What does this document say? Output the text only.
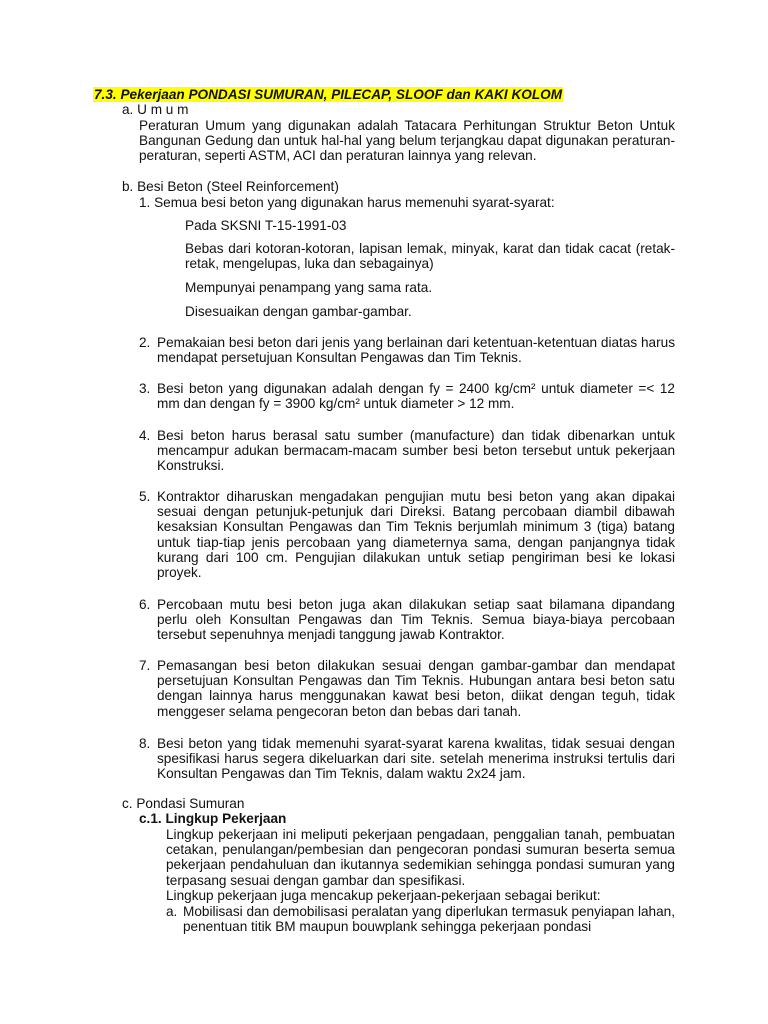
7.3. Pekerjaan PONDASI SUMURAN, PILECAP, SLOOF dan KAKI KOLOM
a. U m u m
Peraturan Umum yang digunakan adalah Tatacara Perhitungan Struktur Beton Untuk Bangunan Gedung dan untuk hal-hal yang belum terjangkau dapat digunakan peraturan-peraturan, seperti ASTM, ACI dan peraturan lainnya yang relevan.
b. Besi Beton (Steel Reinforcement)
1. Semua besi beton yang digunakan harus memenuhi syarat-syarat:
Pada SKSNI T-15-1991-03
Bebas dari kotoran-kotoran, lapisan lemak, minyak, karat dan tidak cacat (retak-retak, mengelupas, luka dan sebagainya)
Mempunyai penampang yang sama rata.
Disesuaikan dengan gambar-gambar.
2. Pemakaian besi beton dari jenis yang berlainan dari ketentuan-ketentuan diatas harus mendapat persetujuan Konsultan Pengawas dan Tim Teknis.
3. Besi beton yang digunakan adalah dengan fy = 2400 kg/cm² untuk diameter =< 12 mm dan dengan fy = 3900 kg/cm² untuk diameter > 12 mm.
4. Besi beton harus berasal satu sumber (manufacture) dan tidak dibenarkan untuk mencampur adukan bermacam-macam sumber besi beton tersebut untuk pekerjaan Konstruksi.
5. Kontraktor diharuskan mengadakan pengujian mutu besi beton yang akan dipakai sesuai dengan petunjuk-petunjuk dari Direksi. Batang percobaan diambil dibawah kesaksian Konsultan Pengawas dan Tim Teknis berjumlah minimum 3 (tiga) batang untuk tiap-tiap jenis percobaan yang diameternya sama, dengan panjangnya tidak kurang dari 100 cm. Pengujian dilakukan untuk setiap pengiriman besi ke lokasi proyek.
6. Percobaan mutu besi beton juga akan dilakukan setiap saat bilamana dipandang perlu oleh Konsultan Pengawas dan Tim Teknis. Semua biaya-biaya percobaan tersebut sepenuhnya menjadi tanggung jawab Kontraktor.
7. Pemasangan besi beton dilakukan sesuai dengan gambar-gambar dan mendapat persetujuan Konsultan Pengawas dan Tim Teknis. Hubungan antara besi beton satu dengan lainnya harus menggunakan kawat besi beton, diikat dengan teguh, tidak menggeser selama pengecoran beton dan bebas dari tanah.
8. Besi beton yang tidak memenuhi syarat-syarat karena kwalitas, tidak sesuai dengan spesifikasi harus segera dikeluarkan dari site. setelah menerima instruksi tertulis dari Konsultan Pengawas dan Tim Teknis, dalam waktu 2x24 jam.
c. Pondasi Sumuran
c.1. Lingkup Pekerjaan
Lingkup pekerjaan ini meliputi pekerjaan pengadaan, penggalian tanah, pembuatan cetakan, penulangan/pembesian dan pengecoran pondasi sumuran beserta semua pekerjaan pendahuluan dan ikutannya sedemikian sehingga pondasi sumuran yang terpasang sesuai dengan gambar dan spesifikasi.
Lingkup pekerjaan juga mencakup pekerjaan-pekerjaan sebagai berikut:
a. Mobilisasi dan demobilisasi peralatan yang diperlukan termasuk penyiapan lahan, penentuan titik BM maupun bouwplank sehingga pekerjaan pondasi
